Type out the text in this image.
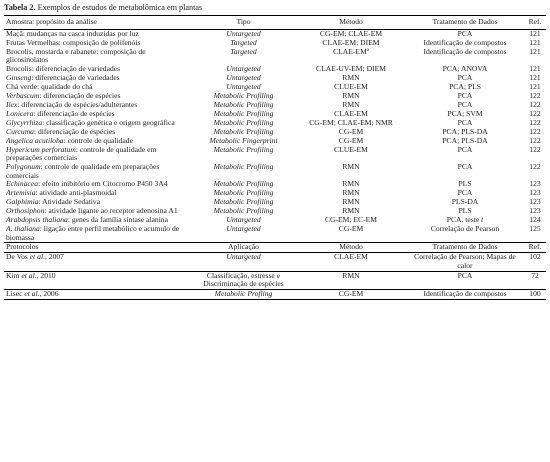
Tabela 2. Exemplos de estudos de metabolômica em plantas
Amostra: propósito da análise	Tipo	Método	Tratamento de Dados	Ref.
Maçã: mudanças na casca induzidas por luz	Untargeted	CG-EM; CLAE-EM	PCA	121
Frutas Vermelhas: composição de polifenóis	Targeted	CLAE-EM; DIEM	Identificação de compostos	121
Brocolis, mostarda e rabanete: composição de glicosinolatos	Targeted	CLAE-EMª	Identificação de compostos	121
Brocolis: diferenciação de variedades	Untargeted	CLAE-UV-EM; DIEM	PCA; ANOVA	121
Ginseng: diferenciação de variedades	Untargeted	RMN	PCA	121
Chá verde: qualidade do chá	Untargeted	CLUE-EM	PCA; PLS	121
Verbascum: diferenciação de espécies	Metabolic Profiling	RMN	PCA	122
Ilex: diferenciação de espécies/adulterantes	Metabolic Profiling	RMN	PCA	122
Lonicera: diferenciação de espécies	Metabolic Profiling	CLAE-EM	PCA; SVM	122
Glycyrrhiza: classificação genética e origem geográfica	Metabolic Profiling	CG-EM; CLAE-EM; NMR	PCA	122
Curcuma: diferenciação de espécies	Metabolic Profiling	CG-EM	PCA; PLS-DA	122
Angelica acutiloba: controle de qualidade	Metabolic Fingerprint	CG-EM	PCA; PLS-DA	122
Hypericum perforatum: controle de qualidade em preparações comerciais	Metabolic Profiling	CLUE-EM	PCA	122
Polygonum: controle de qualidade em preparações comerciais	Metabolic Profiling	RMN	PCA	122
Echinacea: efeito inibitório em Citocromo P450 3A4	Metabolic Profiling	RMN	PLS	123
Artemisia: atividade anti-plasmoidal	Metabolic Profiling	RMN	PCA	123
Galphimia: Atividade Sedativa	Metabolic Profiling	RMN	PLS-DA	123
Orthosiphon: atividade ligante ao receptor adenosina A1	Metabolic Profiling	RMN	PLS	123
Arabdopsis thaliana: genes da família sintase alanina	Untargeted	CG-EM; EC-EM	PCA, teste t	124
A. thaliana: ligação entre perfil metabólico e acumulo de biomassa	Untargeted	CG-EM	Correlação de Pearson	125
Protocolos	Aplicação	Método	Tratamento de Dados	Ref.
De Vos et al., 2007	Untargeted	CLAE-EM	Correlação de Pearson; Mapas de calor	102
Kim et al., 2010	Classificação, estresse e Discriminação de espécies	RMN	PCA	72
Lisec et al., 2006	Metabolic Profling	CG-EM	Identificação de compostos	100
